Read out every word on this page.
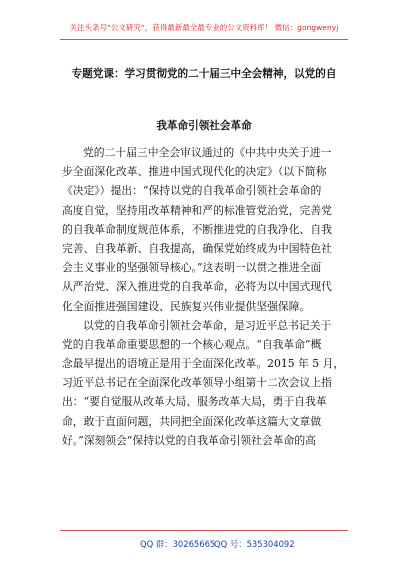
关注头条号“公文研究”，获得最新最全最专业的公文资料库！ 微信：gongwenyj
专题党课：学习贯彻党的二十届三中全会精神，以党的自
我革命引领社会革命
党的二十届三中全会审议通过的《中共中央关于进一
步全面深化改革、推进中国式现代化的决定》（以下简称
《决定》）提出：“保持以党的自我革命引领社会革命的
高度自觉，坚持用改革精神和严的标准管党治党，完善党
的自我革命制度规范体系，不断推进党的自我净化、自我
完善、自我革新、自我提高，确保党始终成为中国特色社
会主义事业的坚强领导核心。”这表明一以贯之推进全面
从严治党、深入推进党的自我革命，必将为以中国式现代
化全面推进强国建设、民族复兴伟业提供坚强保障。
以党的自我革命引领社会革命，是习近平总书记关于
党的自我革命重要思想的一个核心观点。“自我革命”概
念最早提出的语境正是用于全面深化改革。2015 年 5 月，
习近平总书记在全面深化改革领导小组第十二次会议上指
出：“要自觉服从改革大局、服务改革大局，勇于自我革
命，敢于直面问题，共同把全面深化改革这篇大文章做
好。”深刻领会“保持以党的自我革命引领社会革命的高
QQ 群：30265665
QQ 号：535304092
